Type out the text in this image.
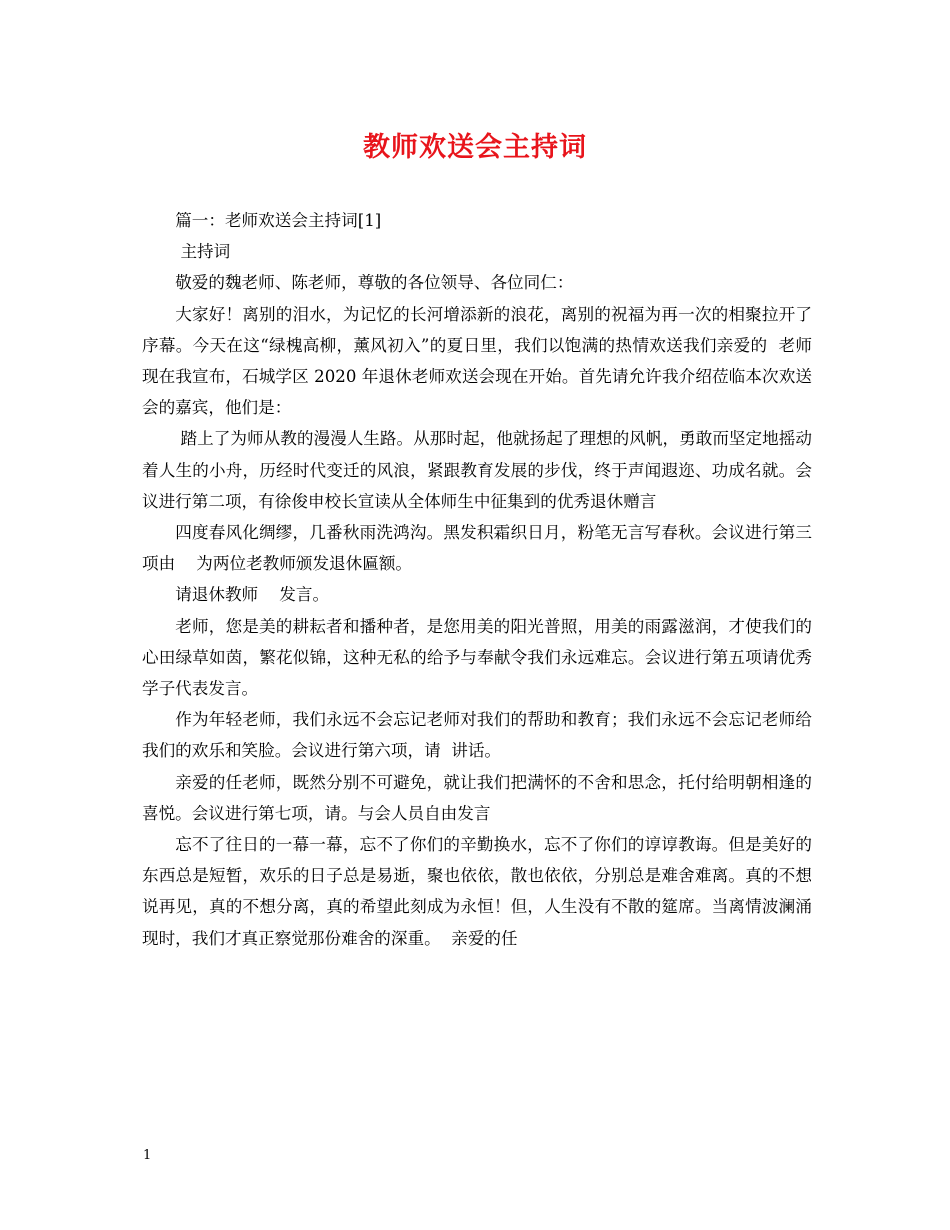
教师欢送会主持词

篇一：老师欢送会主持词[1]

主持词

敬爱的魏老师、陈老师，尊敬的各位领导、各位同仁：

大家好！离别的泪水，为记忆的长河增添新的浪花，离别的祝福为再一次的相聚拉开了序幕。今天在这“绿槐高柳，薰风初入”的夏日里，我们以饱满的热情欢送我们亲爱的  老师    现在我宣布，石城学区 2020 年退休老师欢送会现在开始。首先请允许我介绍莅临本次欢送会的嘉宾，他们是：

踏上了为师从教的漫漫人生路。从那时起，他就扬起了理想的风帆，勇敢而坚定地摇动着人生的小舟，历经时代变迁的风浪，紧跟教育发展的步伐，终于声闻遐迩、功成名就。会议进行第二项，有徐俊申校长宣读从全体师生中征集到的优秀退休赠言

四度春风化绸缪，几番秋雨洗鸿沟。黑发积霜织日月，粉笔无言写春秋。会议进行第三项由    为两位老教师颁发退休匾额。

请退休教师    发言。

老师，您是美的耕耘者和播种者，是您用美的阳光普照，用美的雨露滋润，才使我们的心田绿草如茵，繁花似锦，这种无私的给予与奉献令我们永远难忘。会议进行第五项请优秀学子代表发言。

作为年轻老师，我们永远不会忘记老师对我们的帮助和教育；我们永远不会忘记老师给我们的欢乐和笑脸。会议进行第六项，请  讲话。

亲爱的任老师，既然分别不可避免，就让我们把满怀的不舍和思念，托付给明朝相逢的喜悦。会议进行第七项，请。与会人员自由发言

忘不了往日的一幕一幕，忘不了你们的辛勤换水，忘不了你们的谆谆教诲。但是美好的东西总是短暂，欢乐的日子总是易逝，聚也依依，散也依依，分别总是难舍难离。真的不想说再见，真的不想分离，真的希望此刻成为永恒！但，人生没有不散的筵席。当离情波澜涌现时，我们才真正察觉那份难舍的深重。  亲爱的任

1
